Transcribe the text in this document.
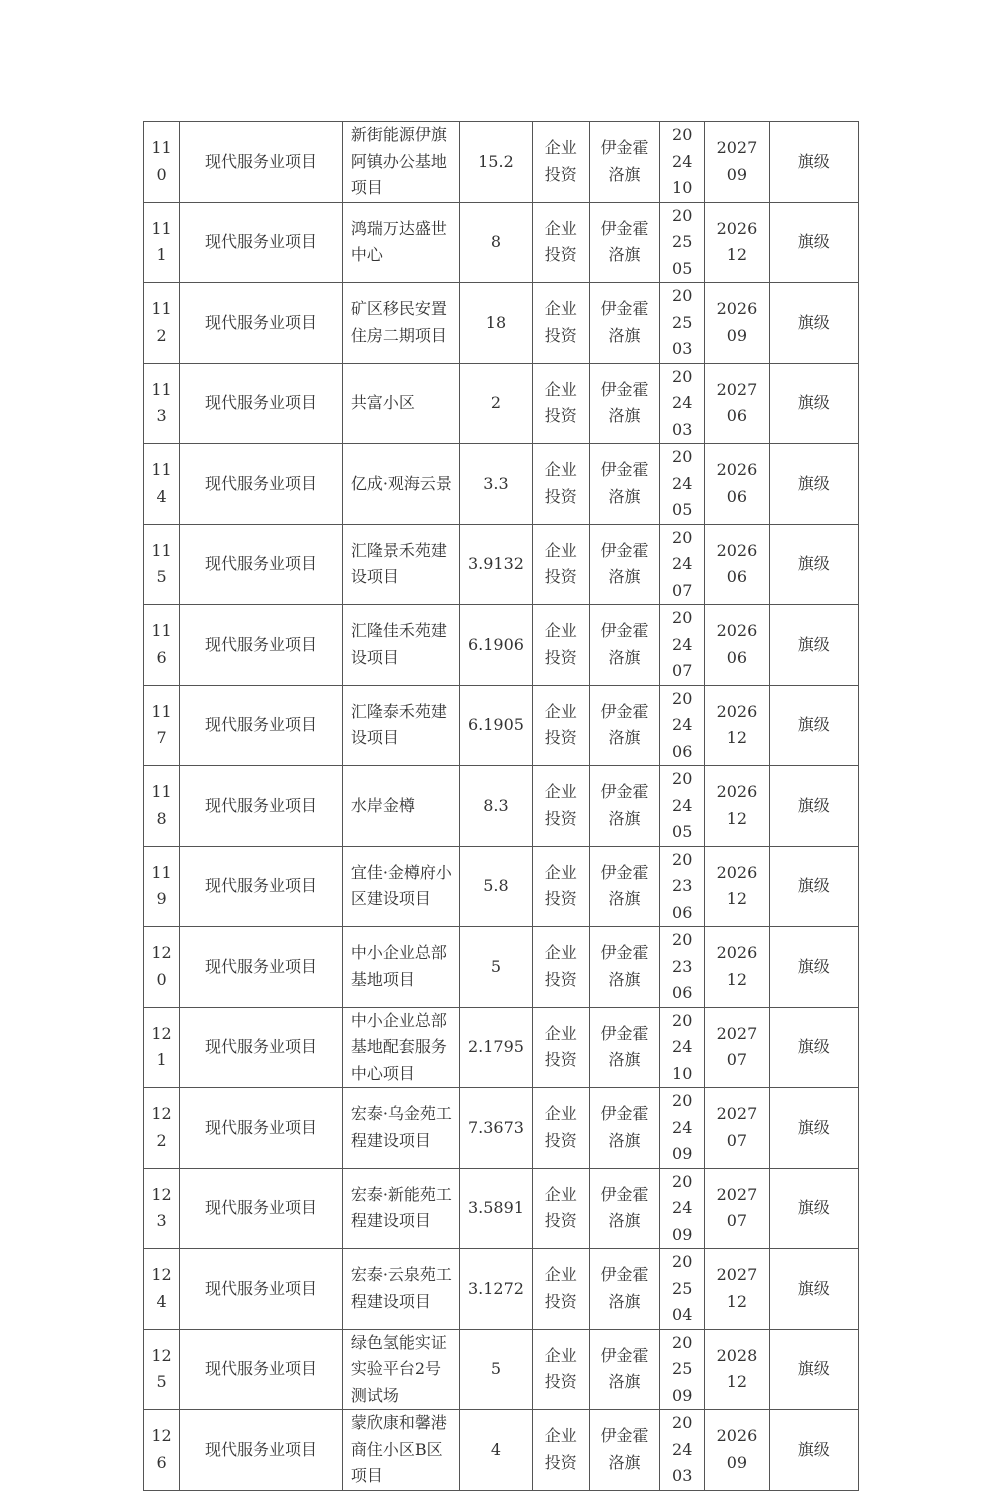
110	现代服务业项目	新街能源伊旗阿镇办公基地项目	15.2	企业投资	伊金霍洛旗	202410	202709	旗级

111	现代服务业项目	鸿瑞万达盛世中心	8	企业投资	伊金霍洛旗	202505	202612	旗级

112	现代服务业项目	矿区移民安置住房二期项目	18	企业投资	伊金霍洛旗	202503	202609	旗级

113	现代服务业项目	共富小区	2	企业投资	伊金霍洛旗	202403	202706	旗级

114	现代服务业项目	亿成·观海云景	3.3	企业投资	伊金霍洛旗	202405	202606	旗级

115	现代服务业项目	汇隆景禾苑建设项目	3.9132	企业投资	伊金霍洛旗	202407	202606	旗级

116	现代服务业项目	汇隆佳禾苑建设项目	6.1906	企业投资	伊金霍洛旗	202407	202606	旗级

117	现代服务业项目	汇隆泰禾苑建设项目	6.1905	企业投资	伊金霍洛旗	202406	202612	旗级

118	现代服务业项目	水岸金樽	8.3	企业投资	伊金霍洛旗	202405	202612	旗级

119	现代服务业项目	宜佳·金樽府小区建设项目	5.8	企业投资	伊金霍洛旗	202306	202612	旗级

120	现代服务业项目	中小企业总部基地项目	5	企业投资	伊金霍洛旗	202306	202612	旗级

121	现代服务业项目	中小企业总部基地配套服务中心项目	2.1795	企业投资	伊金霍洛旗	202410	202707	旗级

122	现代服务业项目	宏泰·乌金苑工程建设项目	7.3673	企业投资	伊金霍洛旗	202409	202707	旗级

123	现代服务业项目	宏泰·新能苑工程建设项目	3.5891	企业投资	伊金霍洛旗	202409	202707	旗级

124	现代服务业项目	宏泰·云泉苑工程建设项目	3.1272	企业投资	伊金霍洛旗	202504	202712	旗级

125	现代服务业项目	绿色氢能实证实验平台2号测试场	5	企业投资	伊金霍洛旗	202509	202812	旗级

126	现代服务业项目	蒙欣康和馨港商住小区B区项目	4	企业投资	伊金霍洛旗	202403	202609	旗级
